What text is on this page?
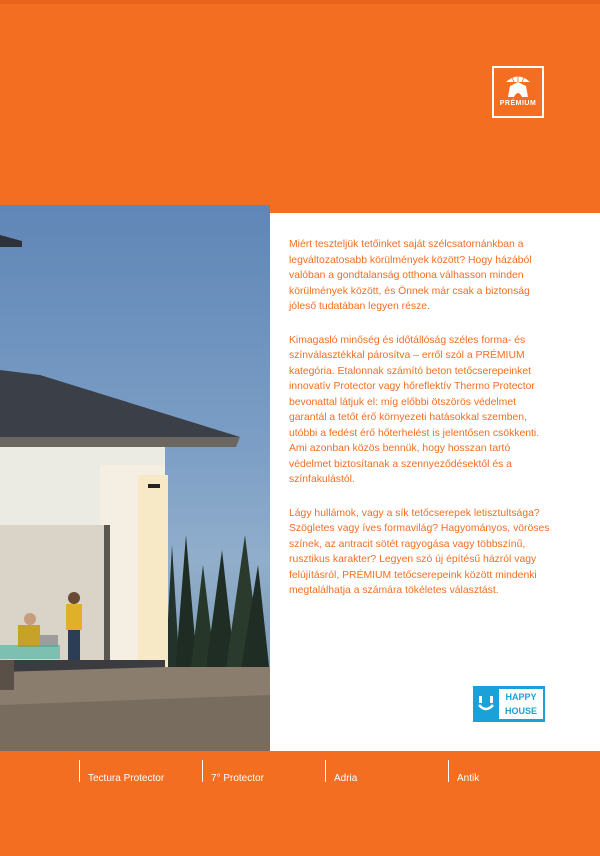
PRÉMIUM

Miért teszteljük tetőinket saját szélcsatornánkban a legváltozatosabb körülmények között? Hogy házából valóban a gondtalanság otthona válhasson minden körülmények között, és Önnek már csak a biztonság jóleső tudatában legyen része.

Kimagasló minőség és időtállóság széles forma- és színválasztékkal párosítva – erről szól a PRÉMIUM kategória. Etalonnak számító beton tetőcserepeinket innovatív Protector vagy hőreflektív Thermo Protector bevonattal látjuk el: míg előbbi ötszörös védelmet garantál a tetőt érő környezeti hatásokkal szemben, utóbbi a fedést érő hőterhelést is jelentősen csökkenti. Ami azonban közös bennük, hogy hosszan tartó védelmet biztosítanak a szennyeződésektől és a színfakulástól.

Lágy hullámok, vagy a sík tetőcserepek letisztultsága? Szögletes vagy íves formavilág? Hagyományos, vöröses színek, az antracit sötét ragyogása vagy többszínű, rusztikus karakter? Legyen szó új építésű házról vagy felújításról, PRÉMIUM tetőcserepeink között mindenki megtalálhatja a számára tökéletes választást.

HAPPY
HOUSE
Tectura Protector	7° Protector	Adria	Antik
